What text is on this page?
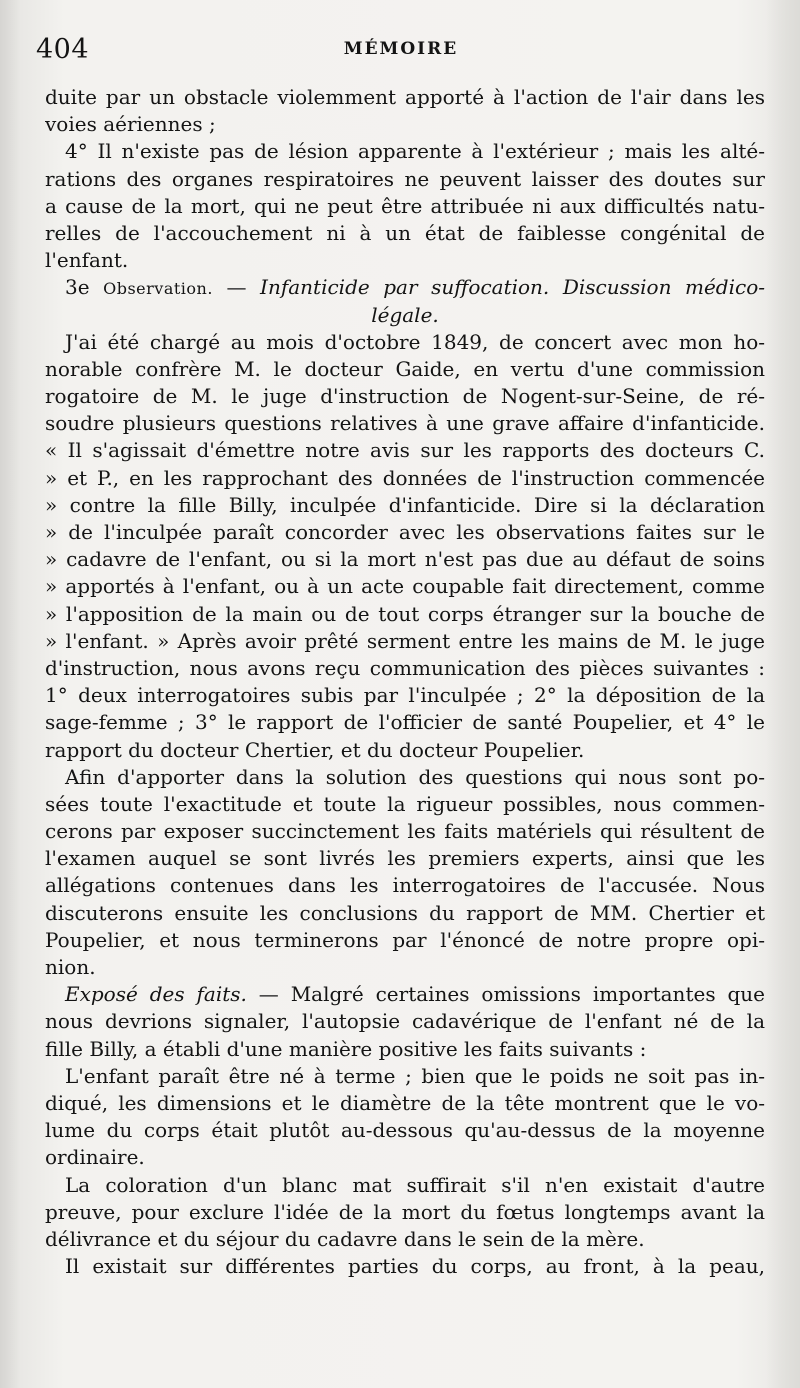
404	MÉMOIRE
duite par un obstacle violemment apporté à l'action de l'air dans les
voies aériennes ;
4° Il n'existe pas de lésion apparente à l'extérieur ; mais les alté-
rations des organes respiratoires ne peuvent laisser des doutes sur
a cause de la mort, qui ne peut être attribuée ni aux difficultés natu-
relles de l'accouchement ni à un état de faiblesse congénital de
l'enfant.
3e Observation. — Infanticide par suffocation. Discussion médico-
légale.
J'ai été chargé au mois d'octobre 1849, de concert avec mon ho-
norable confrère M. le docteur Gaide, en vertu d'une commission
rogatoire de M. le juge d'instruction de Nogent-sur-Seine, de ré-
soudre plusieurs questions relatives à une grave affaire d'infanticide.
« Il s'agissait d'émettre notre avis sur les rapports des docteurs C.
» et P., en les rapprochant des données de l'instruction commencée
» contre la fille Billy, inculpée d'infanticide. Dire si la déclaration
» de l'inculpée paraît concorder avec les observations faites sur le
» cadavre de l'enfant, ou si la mort n'est pas due au défaut de soins
» apportés à l'enfant, ou à un acte coupable fait directement, comme
» l'apposition de la main ou de tout corps étranger sur la bouche de
» l'enfant. » Après avoir prêté serment entre les mains de M. le juge
d'instruction, nous avons reçu communication des pièces suivantes :
1° deux interrogatoires subis par l'inculpée ; 2° la déposition de la
sage-femme ; 3° le rapport de l'officier de santé Poupelier, et 4° le
rapport du docteur Chertier, et du docteur Poupelier.
Afin d'apporter dans la solution des questions qui nous sont po-
sées toute l'exactitude et toute la rigueur possibles, nous commen-
cerons par exposer succinctement les faits matériels qui résultent de
l'examen auquel se sont livrés les premiers experts, ainsi que les
allégations contenues dans les interrogatoires de l'accusée. Nous
discuterons ensuite les conclusions du rapport de MM. Chertier et
Poupelier, et nous terminerons par l'énoncé de notre propre opi-
nion.
Exposé des faits. — Malgré certaines omissions importantes que
nous devrions signaler, l'autopsie cadavérique de l'enfant né de la
fille Billy, a établi d'une manière positive les faits suivants :
L'enfant paraît être né à terme ; bien que le poids ne soit pas in-
diqué, les dimensions et le diamètre de la tête montrent que le vo-
lume du corps était plutôt au-dessous qu'au-dessus de la moyenne
ordinaire.
La coloration d'un blanc mat suffirait s'il n'en existait d'autre
preuve, pour exclure l'idée de la mort du fœtus longtemps avant la
délivrance et du séjour du cadavre dans le sein de la mère.
Il existait sur différentes parties du corps, au front, à la peau,
